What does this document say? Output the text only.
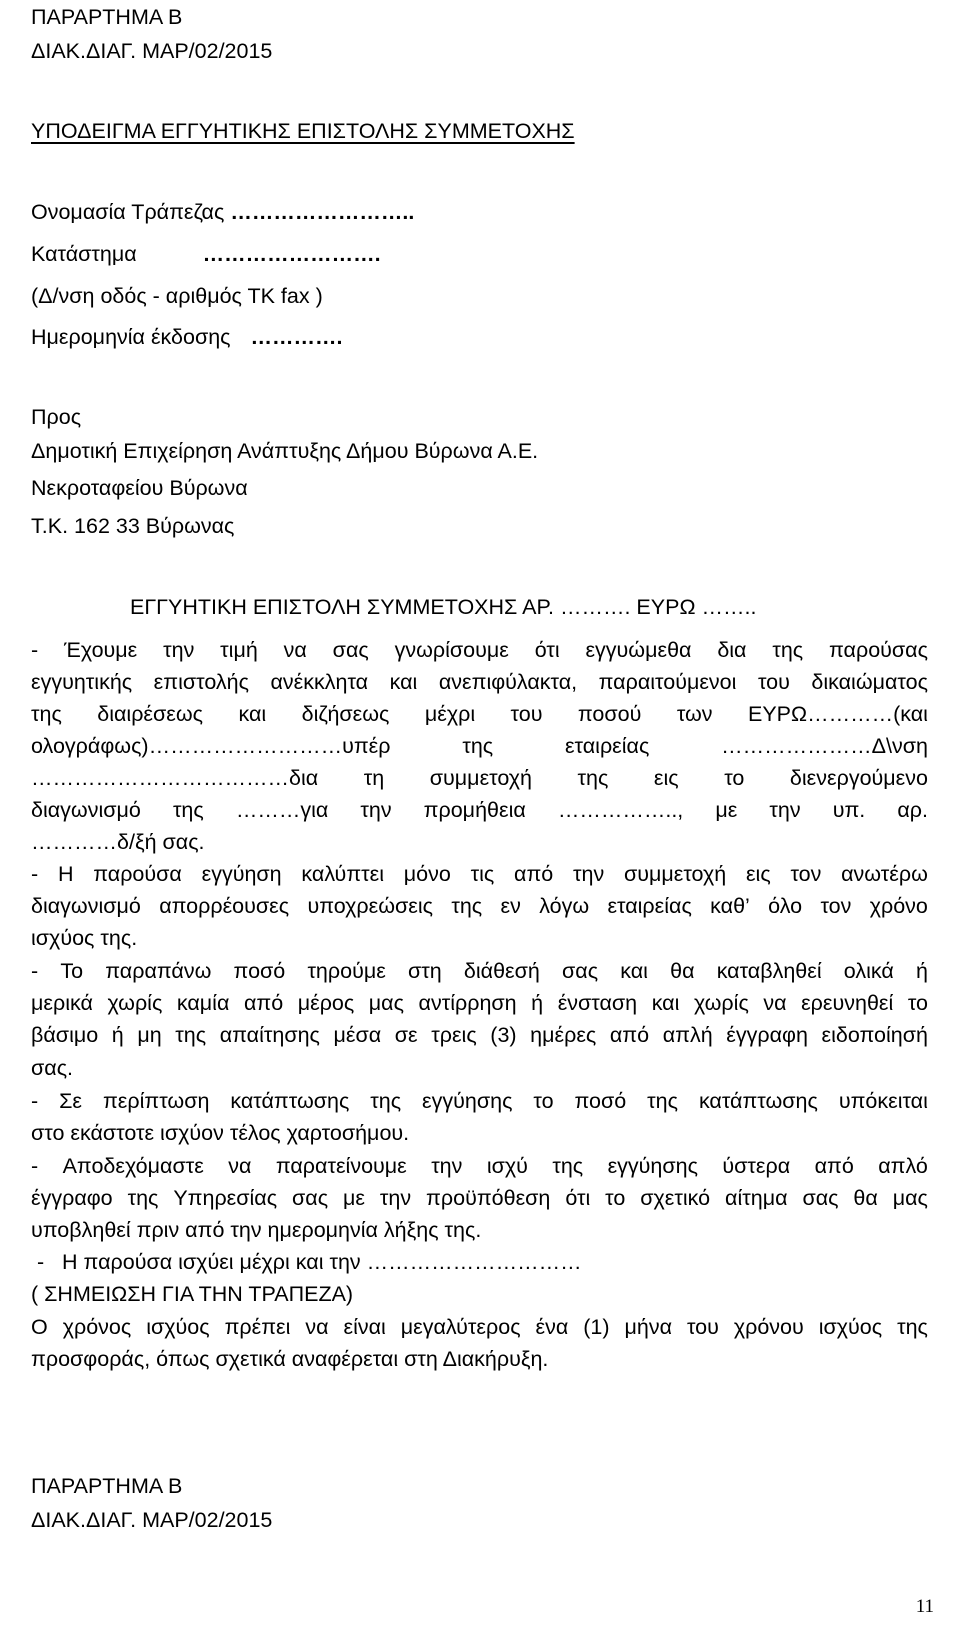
ΠΑΡΑΡΤΗΜΑ Β
ΔΙΑΚ.ΔΙΑΓ. ΜΑΡ/02/2015
ΥΠΟΔΕΙΓΜΑ ΕΓΓΥΗΤΙΚΗΣ ΕΠΙΣΤΟΛΗΣ ΣΥΜΜΕΤΟΧΗΣ
Ονομασία Τράπεζας ……………………..
Κατάστημα	…………………….
(Δ/νση οδός - αριθμός ΤΚ fax )
Ημερομηνία έκδοσης ………….
Προς
Δημοτική Επιχείρηση Ανάπτυξης Δήμου Βύρωνα Α.Ε.
Νεκροταφείου Βύρωνα
Τ.Κ. 162 33 Βύρωνας
ΕΓΓΥΗΤΙΚΗ ΕΠΙΣΤΟΛΗ ΣΥΜΜΕΤΟΧΗΣ ΑΡ. ………. ΕΥΡΩ ……..
- Έχουμε την τιμή να σας γνωρίσουμε ότι εγγυώμεθα δια της παρούσας
εγγυητικής επιστολής ανέκκλητα και ανεπιφύλακτα, παραιτούμενοι του δικαιώματος
της διαιρέσεως και διζήσεως μέχρι του ποσού των ΕΥΡΩ…………(και
ολογράφως)………………………υπέρ	της	εταιρείας	…………………Δ\νση
………………………………δια τη συμμετοχή της εις το διενεργούμενο
διαγωνισμό της ………για την προμήθεια …………….., με την υπ. αρ.
…………δ/ξή σας.
- Η παρούσα εγγύηση καλύπτει μόνο τις από την συμμετοχή εις τον ανωτέρω
διαγωνισμό απορρέουσες υποχρεώσεις της εν λόγω εταιρείας καθ’ όλο τον χρόνο
ισχύος της.
- Το παραπάνω ποσό τηρούμε στη διάθεσή σας και θα καταβληθεί ολικά ή
μερικά χωρίς καμία από μέρος μας αντίρρηση ή ένσταση και χωρίς να ερευνηθεί το
βάσιμο ή μη της απαίτησης μέσα σε τρεις (3) ημέρες από απλή έγγραφη ειδοποίησή
σας.
- Σε περίπτωση κατάπτωσης της εγγύησης το ποσό της κατάπτωσης υπόκειται
στο εκάστοτε ισχύον τέλος χαρτοσήμου.
- Αποδεχόμαστε να παρατείνουμε την ισχύ της εγγύησης ύστερα από απλό
έγγραφο της Υπηρεσίας σας με την προϋπόθεση ότι το σχετικό αίτημα σας θα μας
υποβληθεί πριν από την ημερομηνία λήξης της.
-   Η παρούσα ισχύει μέχρι και την …………………………
( ΣΗΜΕΙΩΣΗ ΓΙΑ ΤΗΝ ΤΡΑΠΕΖΑ)
Ο χρόνος ισχύος πρέπει να είναι μεγαλύτερος ένα (1) μήνα του χρόνου ισχύος της
προσφοράς, όπως σχετικά αναφέρεται στη Διακήρυξη.
ΠΑΡΑΡΤΗΜΑ Β
ΔΙΑΚ.ΔΙΑΓ. ΜΑΡ/02/2015
11
